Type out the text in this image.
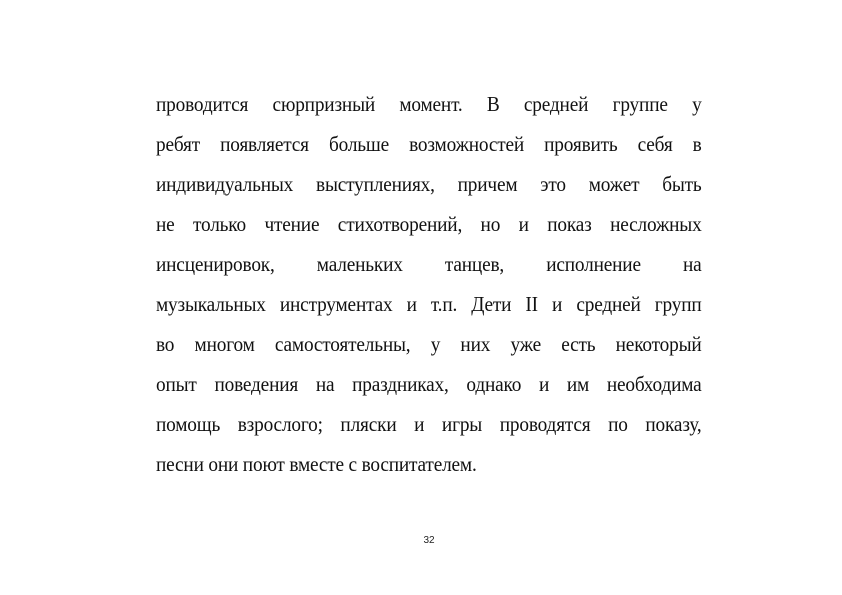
проводится сюрпризный момент. В средней группе у
ребят появляется больше возможностей проявить себя в
индивидуальных выступлениях, причем это может быть
не только чтение стихотворений, но и показ несложных
инсценировок, маленьких танцев, исполнение на
музыкальных инструментах и т.п. Дети II и средней групп
во многом самостоятельны, у них уже есть некоторый
опыт поведения на праздниках, однако и им необходима
помощь взрослого; пляски и игры проводятся по показу,
песни они поют вместе с воспитателем.
32
